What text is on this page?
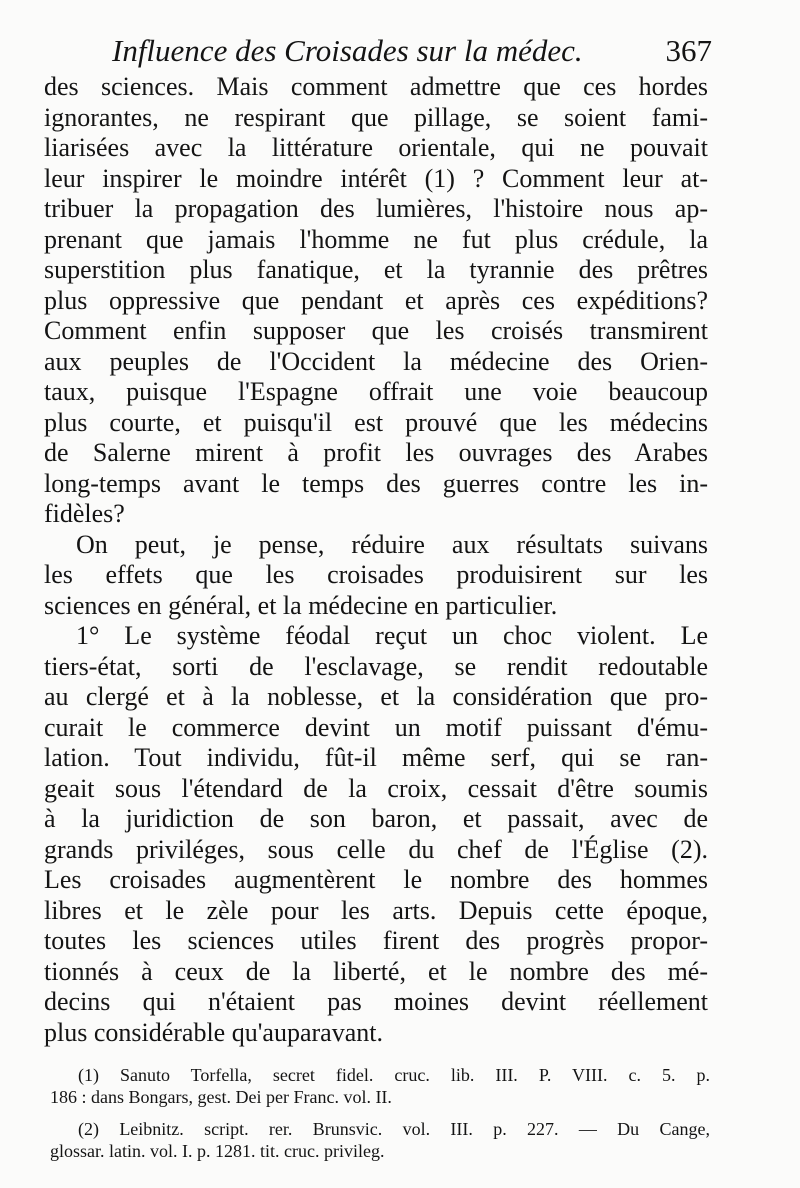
Influence des Croisades sur la médec.	367
des sciences. Mais comment admettre que ces hordes
ignorantes, ne respirant que pillage, se soient fami-
liarisées avec la littérature orientale, qui ne pouvait
leur inspirer le moindre intérêt (1) ? Comment leur at-
tribuer la propagation des lumières, l'histoire nous ap-
prenant que jamais l'homme ne fut plus crédule, la
superstition plus fanatique, et la tyrannie des prêtres
plus oppressive que pendant et après ces expéditions?
Comment enfin supposer que les croisés transmirent
aux peuples de l'Occident la médecine des Orien-
taux, puisque l'Espagne offrait une voie beaucoup
plus courte, et puisqu'il est prouvé que les médecins
de Salerne mirent à profit les ouvrages des Arabes
long-temps avant le temps des guerres contre les in-
fidèles?
On peut, je pense, réduire aux résultats suivans
les effets que les croisades produisirent sur les
sciences en général, et la médecine en particulier.
1° Le système féodal reçut un choc violent. Le
tiers-état, sorti de l'esclavage, se rendit redoutable
au clergé et à la noblesse, et la considération que pro-
curait le commerce devint un motif puissant d'ému-
lation. Tout individu, fût-il même serf, qui se ran-
geait sous l'étendard de la croix, cessait d'être soumis
à la juridiction de son baron, et passait, avec de
grands priviléges, sous celle du chef de l'Église (2).
Les croisades augmentèrent le nombre des hommes
libres et le zèle pour les arts. Depuis cette époque,
toutes les sciences utiles firent des progrès propor-
tionnés à ceux de la liberté, et le nombre des mé-
decins qui n'étaient pas moines devint réellement
plus considérable qu'auparavant.
(1) Sanuto Torfella, secret fidel. cruc. lib. III. P. VIII. c. 5. p.
186 : dans Bongars, gest. Dei per Franc. vol. II.
(2) Leibnitz. script. rer. Brunsvic. vol. III. p. 227. — Du Cange,
glossar. latin. vol. I. p. 1281. tit. cruc. privileg.
